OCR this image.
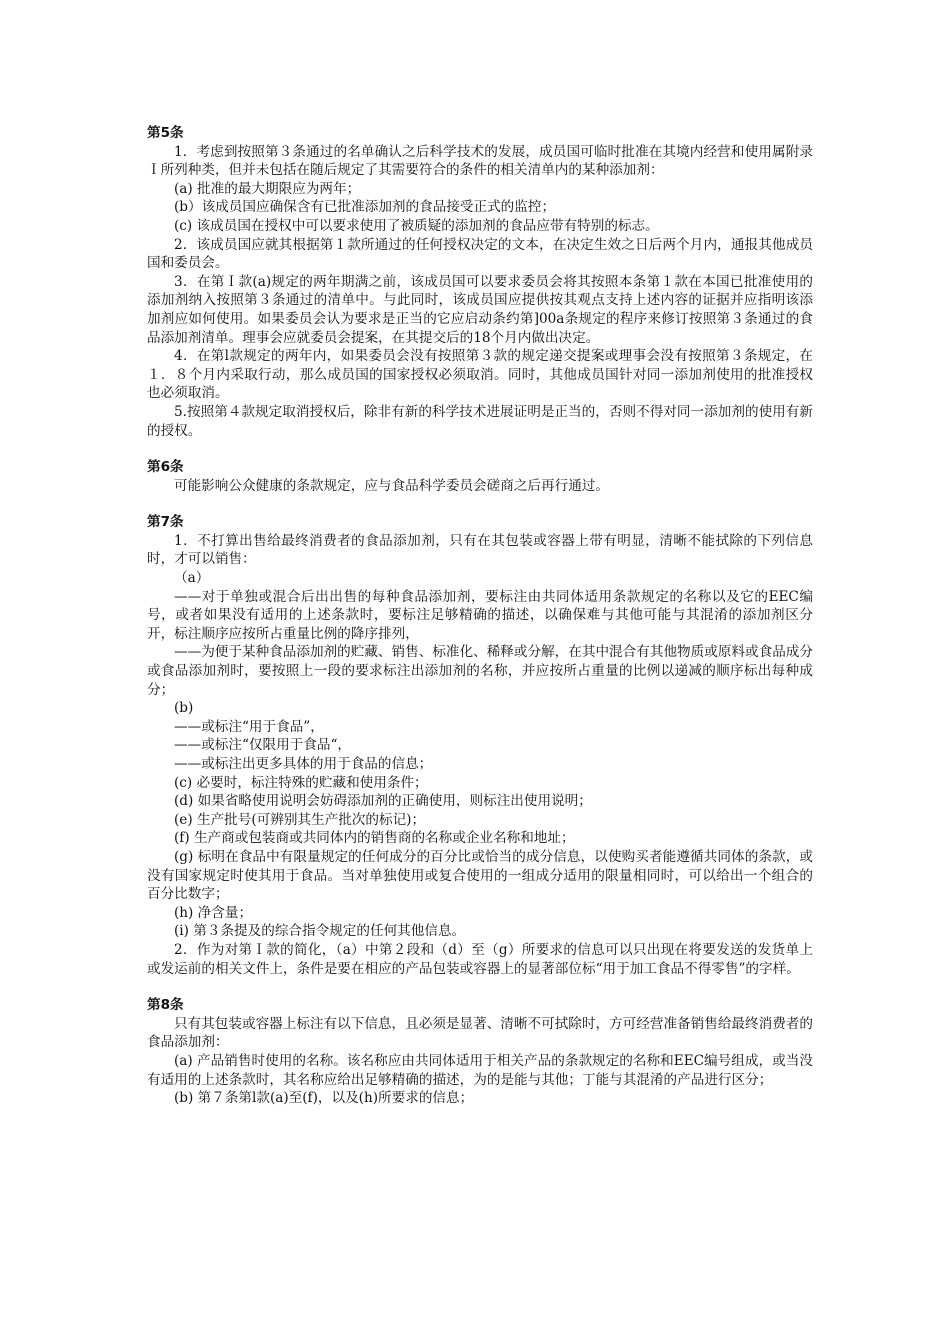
第5条

1．考虑到按照第３条通过的名单确认之后科学技术的发展，成员国可临时批准在其境内经营和使用属附录Ｉ所列种类，但并未包括在随后规定了其需要符合的条件的相关清单内的某种添加剂：

(a) 批准的最大期限应为两年；

(b）该成员国应确保含有已批准添加剂的食品接受正式的监控；

(c) 该成员国在授权中可以要求使用了被质疑的添加剂的食品应带有特别的标志。

2．该成员国应就其根据第１款所通过的任何授权决定的文本，在决定生效之日后两个月内，通报其他成员国和委员会。

3．在第Ｉ款(a)规定的两年期满之前，该成员国可以要求委员会将其按照本条第１款在本国已批准使用的添加剂纳入按照第３条通过的清单中。与此同时，该成员国应提供按其观点支持上述内容的证据并应指明该添加剂应如何使用。如果委员会认为要求是正当的它应启动条约第]00a条规定的程序来修订按照第３条通过的食品添加剂清单。理事会应就委员会提案，在其提交后的18个月内做出决定。

4．在第l款规定的两年内，如果委员会没有按照第３款的规定递交提案或理事会没有按照第３条规定，在１．８个月内采取行动，那么成员国的国家授权必须取消。同时，其他成员国针对同一添加剂使用的批准授权也必须取消。

5.按照第４款规定取消授权后，除非有新的科学技术进展证明是正当的，否则不得对同一添加剂的使用有新的授权。

第6条

可能影响公众健康的条款规定，应与食品科学委员会磋商之后再行通过。

第7条

1．不打算出售给最终消费者的食品添加剂，只有在其包装或容器上带有明显，清晰不能拭除的下列信息时，才可以销售：

（a）

——对于单独或混合后出出售的每种食品添加剂，要标注由共同体适用条款规定的名称以及它的EEC编号，或者如果没有适用的上述条款时，要标注足够精确的描述，以确保难与其他可能与其混淆的添加剂区分开，标注顺序应按所占重量比例的降序排列，

——为便于某种食品添加剂的贮藏、销售、标准化、稀释或分解，在其中混合有其他物质或原料或食品成分或食品添加剂时，要按照上一段的要求标注出添加剂的名称，并应按所占重量的比例以递减的顺序标出每种成分；

(b)

——或标注“用于食品”，

——或标注“仅限用于食品“，

——或标注出更多具体的用于食品的信息；

(c) 必要时，标注特殊的贮藏和使用条件；

(d) 如果省略使用说明会妨碍添加剂的正确使用，则标注出使用说明；

(e) 生产批号(可辨别其生产批次的标记)；

(f) 生产商或包装商或共同体内的销售商的名称或企业名称和地址；

(g) 标明在食品中有限量规定的任何成分的百分比或恰当的成分信息，以使购买者能遵循共同体的条款，或没有国家规定时使其用于食品。当对单独使用或复合使用的一组成分适用的限量相同时，可以给出一个组合的百分比数字；

(h) 净含量；

(i) 第３条提及的综合指令规定的任何其他信息。

2．作为对第Ｉ款的简化，（a）中第２段和（d）至（g）所要求的信息可以只出现在将要发送的发货单上或发运前的相关文件上，条件是要在相应的产品包装或容器上的显著部位标“用于加工食品不得零售”的字样。

第8条

只有其包装或容器上标注有以下信息，且必须是显著、清晰不可拭除时，方可经营准备销售给最终消费者的食品添加剂：

(a) 产品销售时使用的名称。该名称应由共同体适用于相关产品的条款规定的名称和EEC编号组成，或当没有适用的上述条款时，其名称应给出足够精确的描述，为的是能与其他；丁能与其混淆的产品进行区分；

(b) 第７条第l款(a)至(f)，以及(h)所要求的信息；
